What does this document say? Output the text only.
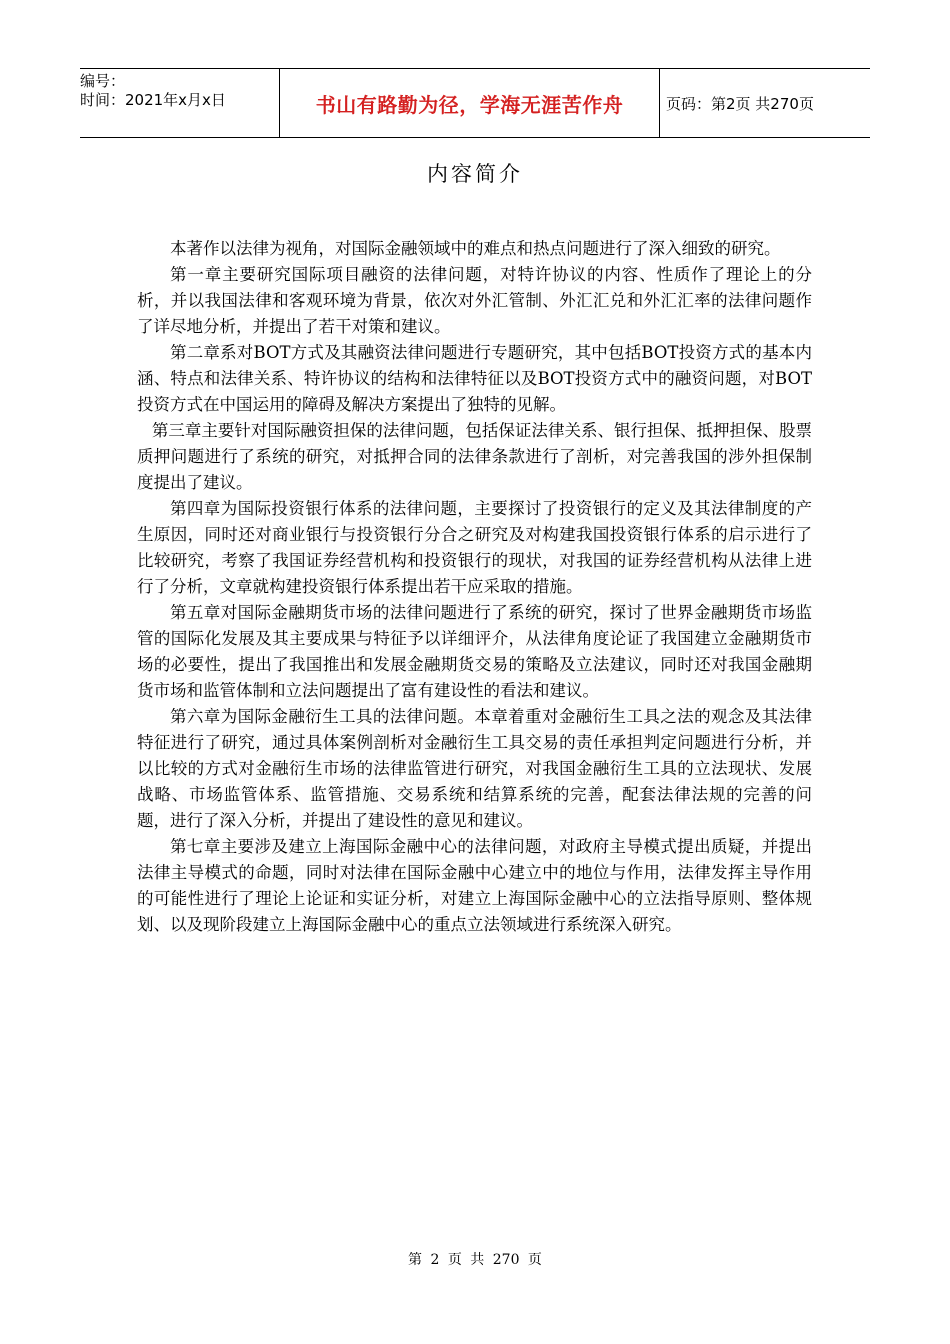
编号：
时间：2021年x月x日	书山有路勤为径，学海无涯苦作舟	页码：第2页 共270页
内容简介

本著作以法律为视角，对国际金融领域中的难点和热点问题进行了深入细致的研究。

第一章主要研究国际项目融资的法律问题，对特许协议的内容、性质作了理论上的分析，并以我国法律和客观环境为背景，依次对外汇管制、外汇汇兑和外汇汇率的法律问题作了详尽地分析，并提出了若干对策和建议。

第二章系对BOT方式及其融资法律问题进行专题研究，其中包括BOT投资方式的基本内涵、特点和法律关系、特许协议的结构和法律特征以及BOT投资方式中的融资问题，对BOT投资方式在中国运用的障碍及解决方案提出了独特的见解。

第三章主要针对国际融资担保的法律问题，包括保证法律关系、银行担保、抵押担保、股票质押问题进行了系统的研究，对抵押合同的法律条款进行了剖析，对完善我国的涉外担保制度提出了建议。

第四章为国际投资银行体系的法律问题，主要探讨了投资银行的定义及其法律制度的产生原因，同时还对商业银行与投资银行分合之研究及对构建我国投资银行体系的启示进行了比较研究，考察了我国证券经营机构和投资银行的现状，对我国的证券经营机构从法律上进行了分析，文章就构建投资银行体系提出若干应采取的措施。

第五章对国际金融期货市场的法律问题进行了系统的研究，探讨了世界金融期货市场监管的国际化发展及其主要成果与特征予以详细评介，从法律角度论证了我国建立金融期货市场的必要性，提出了我国推出和发展金融期货交易的策略及立法建议，同时还对我国金融期货市场和监管体制和立法问题提出了富有建设性的看法和建议。

第六章为国际金融衍生工具的法律问题。本章着重对金融衍生工具之法的观念及其法律特征进行了研究，通过具体案例剖析对金融衍生工具交易的责任承担判定问题进行分析，并以比较的方式对金融衍生市场的法律监管进行研究，对我国金融衍生工具的立法现状、发展战略、市场监管体系、监管措施、交易系统和结算系统的完善，配套法律法规的完善的问题，进行了深入分析，并提出了建设性的意见和建议。

第七章主要涉及建立上海国际金融中心的法律问题，对政府主导模式提出质疑，并提出法律主导模式的命题，同时对法律在国际金融中心建立中的地位与作用，法律发挥主导作用的可能性进行了理论上论证和实证分析，对建立上海国际金融中心的立法指导原则、整体规划、以及现阶段建立上海国际金融中心的重点立法领域进行系统深入研究。

第 2 页 共 270 页
